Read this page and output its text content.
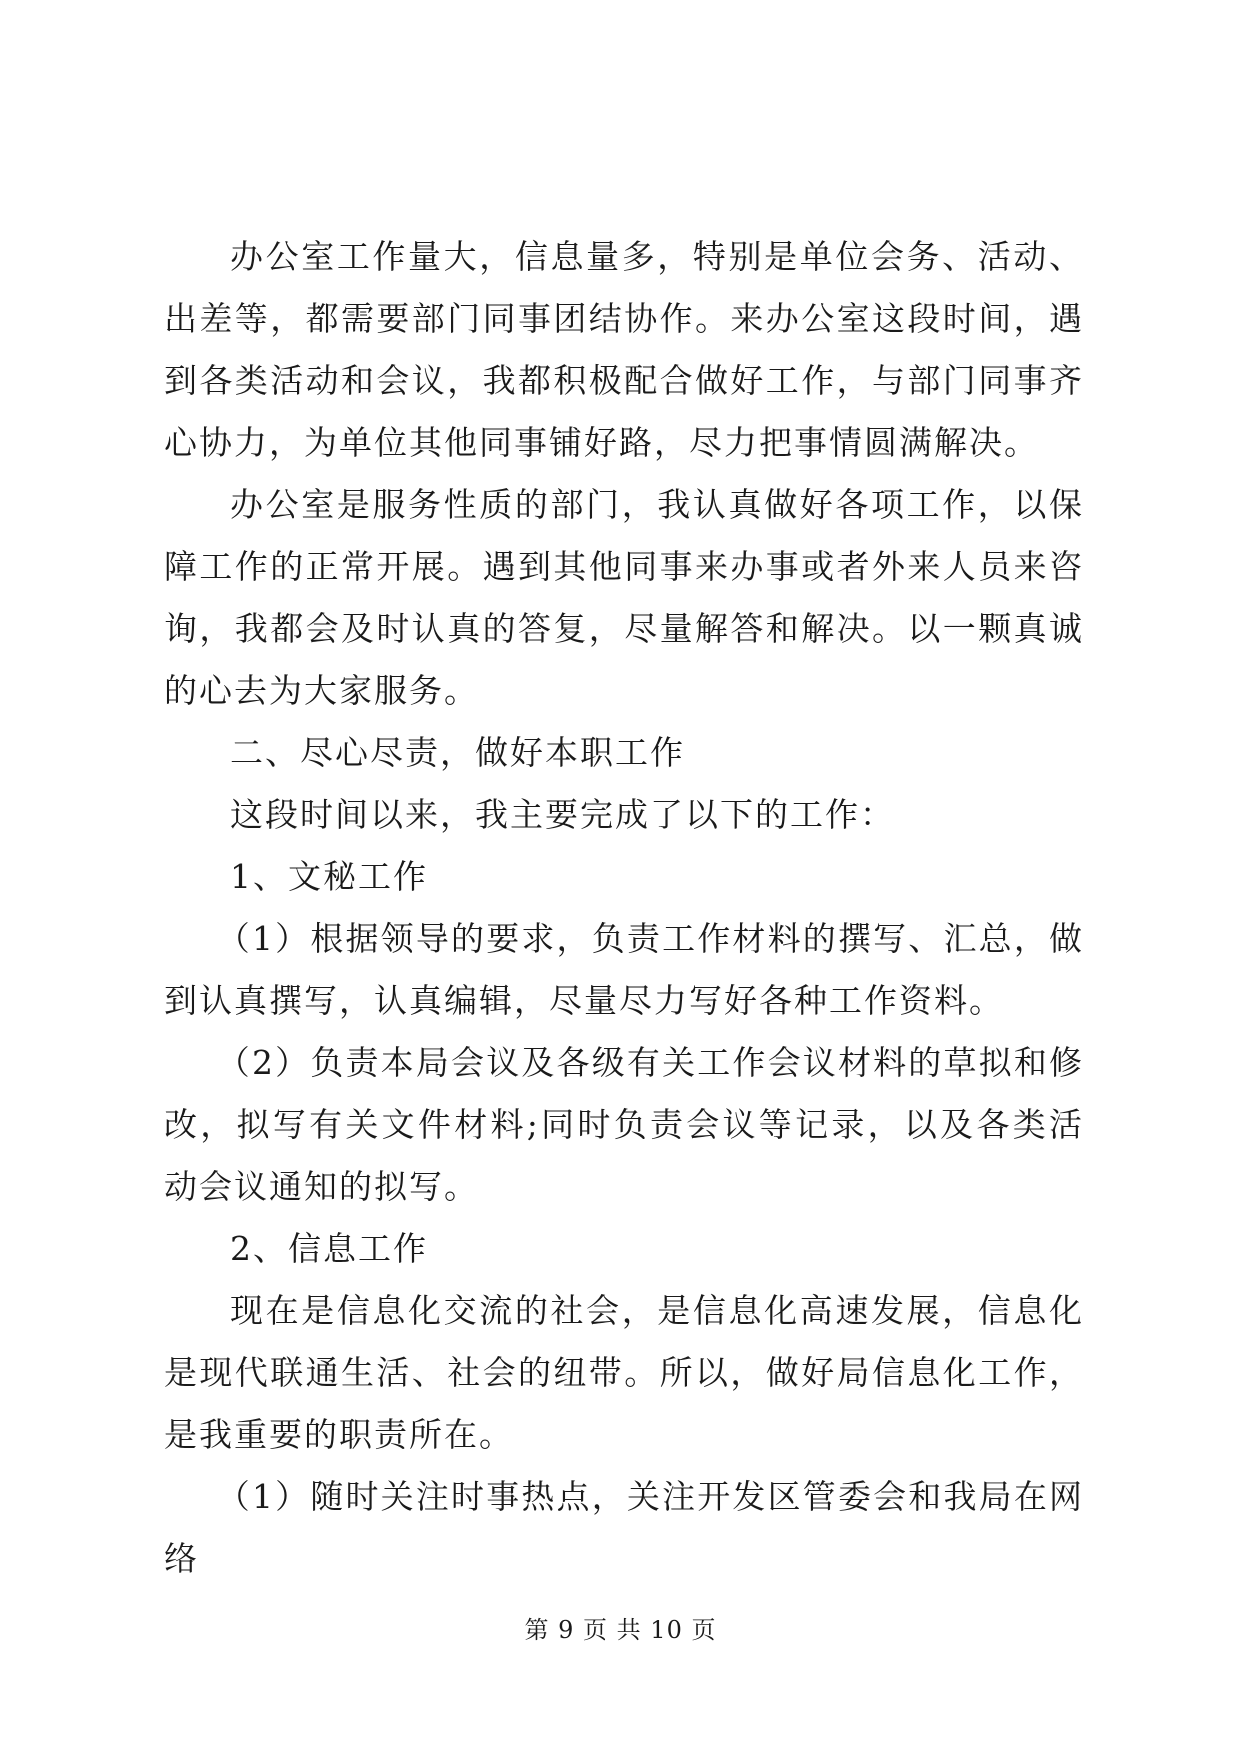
办公室工作量大，信息量多，特别是单位会务、活动、出差等，都需要部门同事团结协作。来办公室这段时间，遇到各类活动和会议，我都积极配合做好工作，与部门同事齐心协力，为单位其他同事铺好路，尽力把事情圆满解决。

办公室是服务性质的部门，我认真做好各项工作，以保障工作的正常开展。遇到其他同事来办事或者外来人员来咨询，我都会及时认真的答复，尽量解答和解决。以一颗真诚的心去为大家服务。

二、尽心尽责，做好本职工作

这段时间以来，我主要完成了以下的工作：

1、文秘工作

（1）根据领导的要求，负责工作材料的撰写、汇总，做到认真撰写，认真编辑，尽量尽力写好各种工作资料。

（2）负责本局会议及各级有关工作会议材料的草拟和修改，拟写有关文件材料;同时负责会议等记录，以及各类活动会议通知的拟写。

2、信息工作

现在是信息化交流的社会，是信息化高速发展，信息化是现代联通生活、社会的纽带。所以，做好局信息化工作，是我重要的职责所在。

（1）随时关注时事热点，关注开发区管委会和我局在网络

第 9 页 共 10 页
